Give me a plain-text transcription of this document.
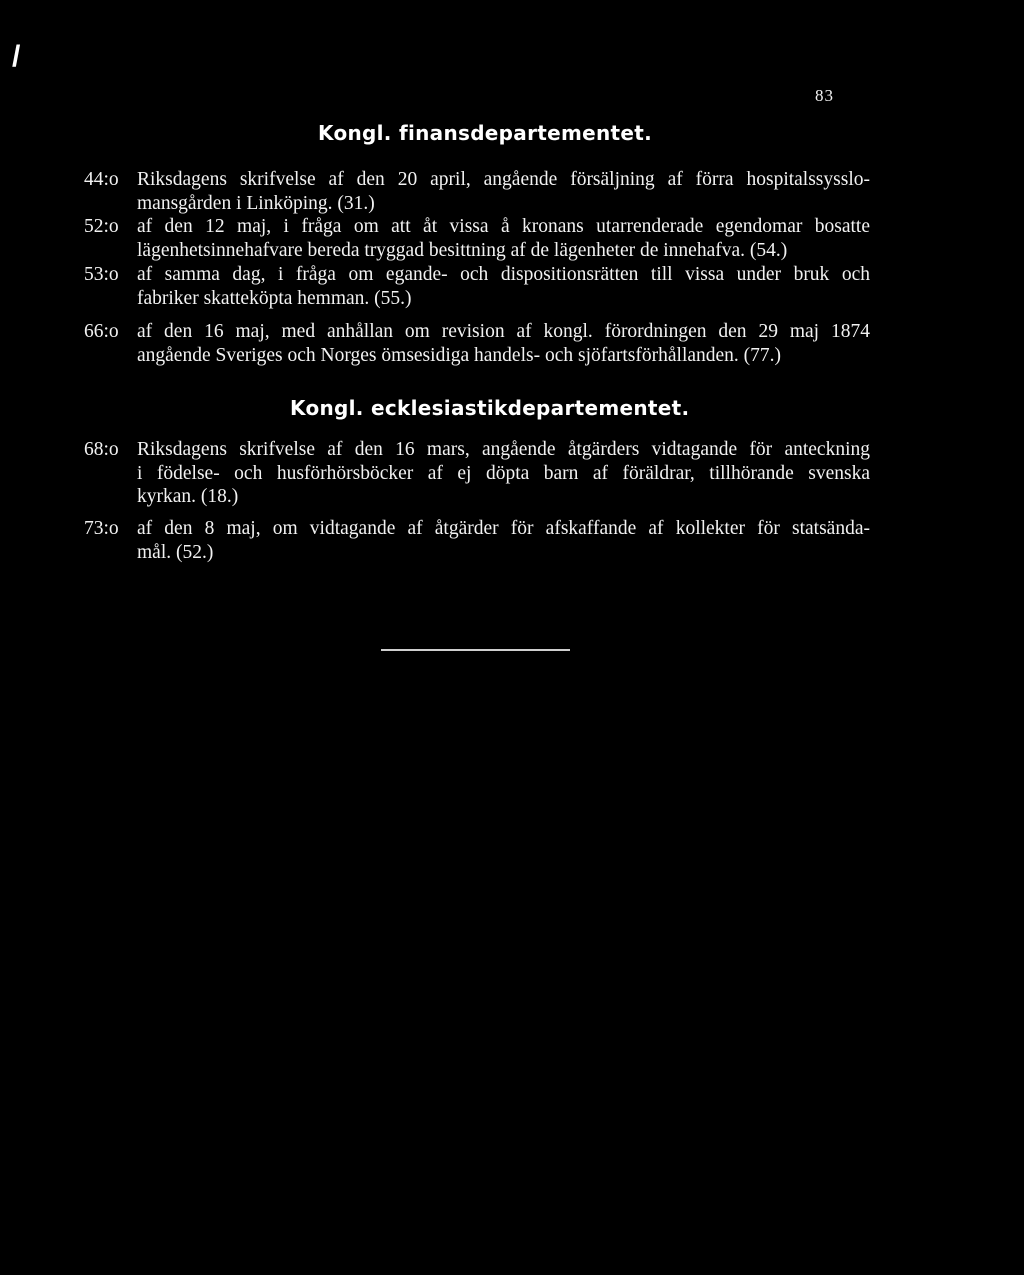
/
83
Kongl. finansdepartementet.
44:o Riksdagens skrifvelse af den 20 april, angående försäljning af förra hospitalssysslo-
mansgården i Linköping. (31.)
52:o af den 12 maj, i fråga om att åt vissa å kronans utarrenderade egendomar bosatte
lägenhetsinnehafvare bereda tryggad besittning af de lägenheter de innehafva. (54.)
53:o af samma dag, i fråga om egande- och dispositionsrätten till vissa under bruk och
fabriker skatteköpta hemman. (55.)
66:o af den 16 maj, med anhållan om revision af kongl. förordningen den 29 maj 1874
angående Sveriges och Norges ömsesidiga handels- och sjöfartsförhållanden. (77.)
Kongl. ecklesiastikdepartementet.
68:o Riksdagens skrifvelse af den 16 mars, angående åtgärders vidtagande för anteckning
i födelse- och husförhörsböcker af ej döpta barn af föräldrar, tillhörande svenska
kyrkan. (18.)
73:o af den 8 maj, om vidtagande af åtgärder för afskaffande af kollekter för statsända-
mål. (52.)
